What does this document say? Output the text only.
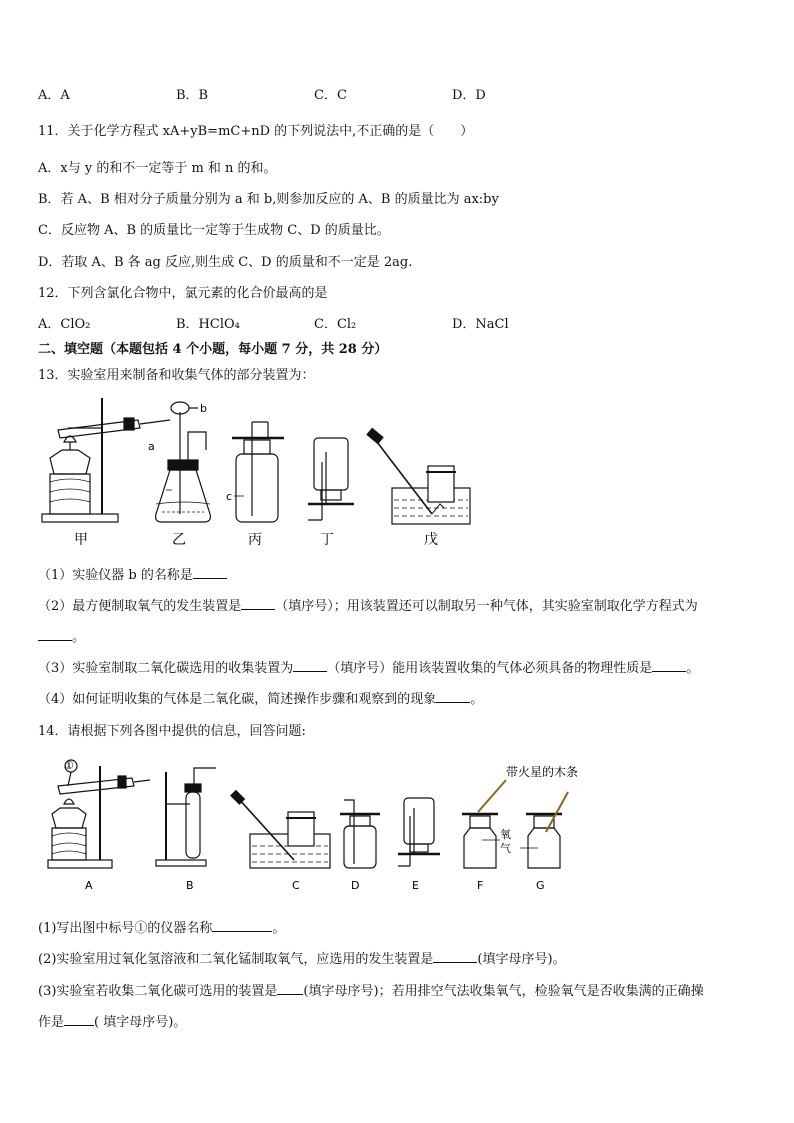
A．A	B．B	C．C	D．D
11．关于化学方程式 xA+yB=mC+nD 的下列说法中,不正确的是（　　）
A．x与 y 的和不一定等于 m 和 n 的和。
B．若 A、B 相对分子质量分别为 a 和 b,则参加反应的 A、B 的质量比为 ax:by
C．反应物 A、B 的质量比一定等于生成物 C、D 的质量比。
D．若取 A、B 各 ag 反应,则生成 C、D 的质量和不一定是 2ag.
12．下列含氯化合物中，氯元素的化合价最高的是
A．ClO₂	B．HClO₄	C．Cl₂	D．NaCl
二、填空题（本题包括 4 个小题，每小题 7 分，共 28 分）
13．实验室用来制备和收集气体的部分装置为：
a
b
c
甲	乙	丙	丁	戊
（1）实验仪器 b 的名称是
（2）最方便制取氧气的发生装置是	（填序号）；用该装置还可以制取另一种气体，其实验室制取化学方程式为
。
（3）实验室制取二氧化碳选用的收集装置为	（填序号）能用该装置收集的气体必须具备的物理性质是	。
（4）如何证明收集的气体是二氧化碳，简述操作步骤和观察到的现象	。
14．请根据下列各图中提供的信息，回答问题:
①	带火星的木条
氧
气
A	B	C	D	E	F	G
(1)写出图中标号①的仪器名称	。
(2)实验室用过氧化氢溶液和二氧化锰制取氧气，应选用的发生装置是	(填字母序号)。
(3)实验室若收集二氧化碳可选用的装置是 (填字母序号)；若用排空气法收集氧气，检验氧气是否收集满的正确操
作是 ( 填字母序号)。
